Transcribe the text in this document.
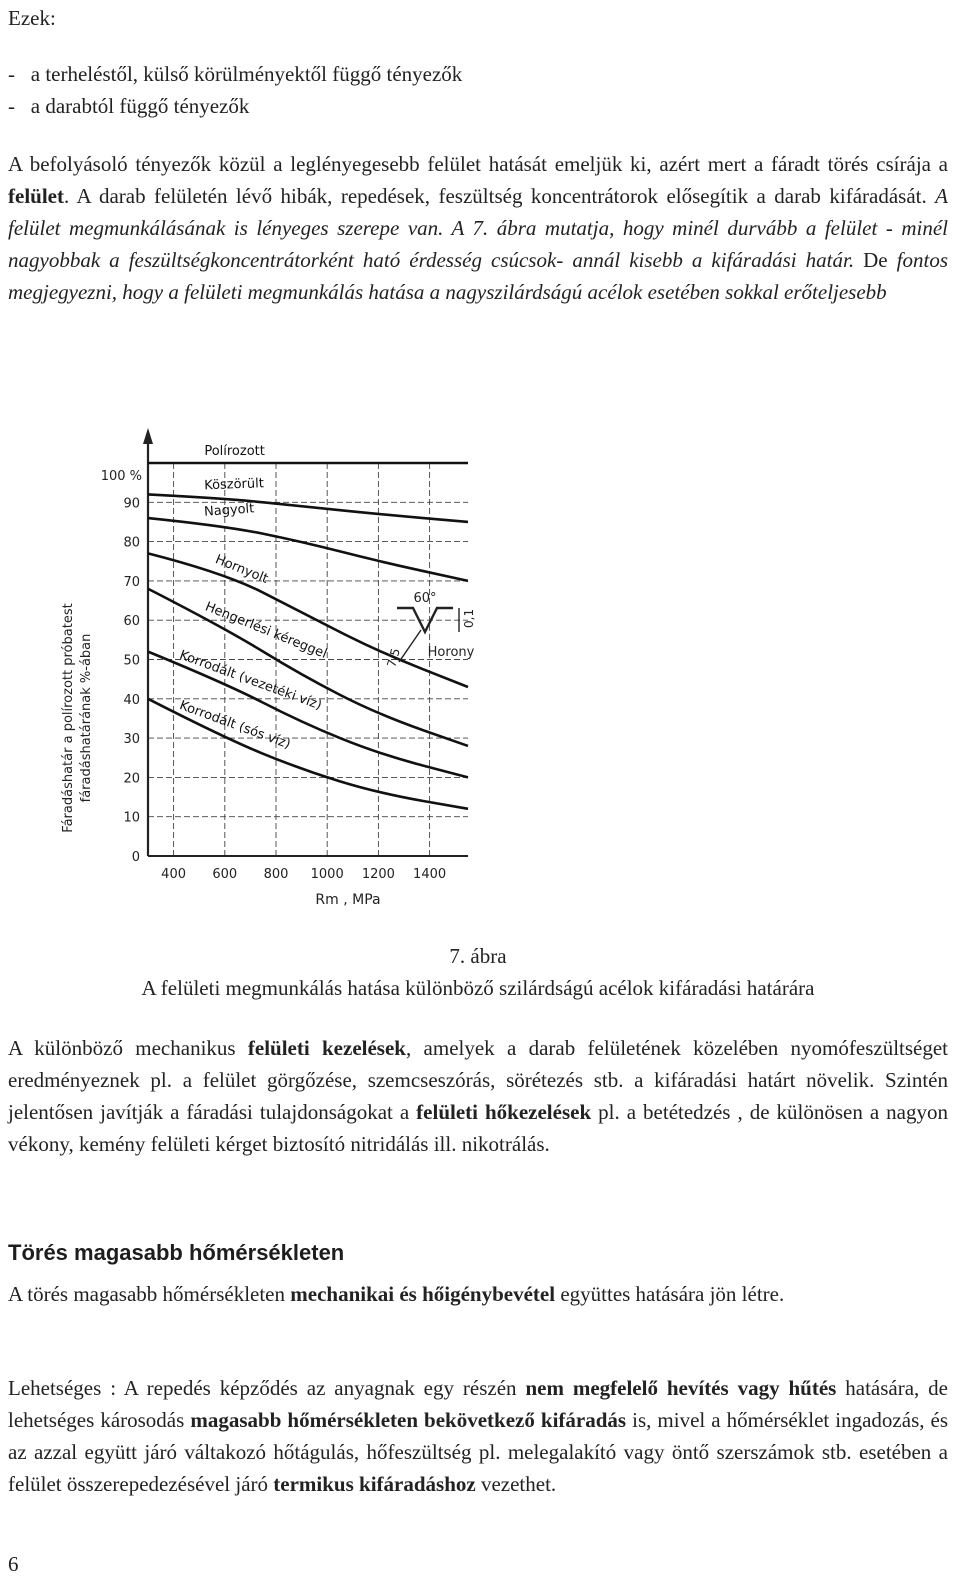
Ezek:

-   a terheléstől, külső körülményektől függő tényezők

-   a darabtól függő tényezők

A befolyásoló tényezők közül a leglényegesebb felület hatását emeljük ki, azért mert a fáradt törés csírája a felület. A darab felületén lévő hibák, repedések, feszültség koncentrátorok elősegítik a darab kifáradását. A felület megmunkálásának is lényeges szerepe van. A 7. ábra mutatja, hogy minél durvább a felület - minél nagyobbak a feszültségkoncentrátorként ható érdesség csúcsok- annál kisebb a kifáradási határ. De fontos megjegyezni, hogy a felületi megmunkálás hatása a nagyszilárdságú acélok esetében sokkal erőteljesebb

0
10
20
30
40
50
60
70
80
90
400 600 800 1000 1200 1400
Polírozott
Köszörült
Nagyolt
Hornyolt
Hengerlési kéreggel
Korrodált (vezetéki víz)
Korrodált (sós víz)
100 %
Rm , MPa
Fáradáshatár a polírozott próbatest fáradáshatárának %-ában
60°
0,1
7,5 Horony

7. ábra

A felületi megmunkálás hatása különböző szilárdságú acélok kifáradási határára

A különböző mechanikus felületi kezelések, amelyek a darab felületének közelében nyomófeszültséget eredményeznek pl. a felület görgőzése, szemcseszórás, sörétezés stb. a kifáradási határt növelik. Szintén jelentősen javítják a fáradási tulajdonságokat a felületi hőkezelések pl. a betétedzés , de különösen a nagyon vékony, kemény felületi kérget biztosító nitridálás ill. nikotrálás.

Törés magasabb hőmérsékleten

A törés magasabb hőmérsékleten mechanikai és hőigénybevétel együttes hatására jön létre.

Lehetséges : A repedés képződés az anyagnak egy részén nem megfelelő hevítés vagy hűtés hatására, de lehetséges károsodás magasabb hőmérsékleten bekövetkező kifáradás is, mivel a hőmérséklet ingadozás, és az azzal együtt járó váltakozó hőtágulás, hőfeszültség pl. melegalakító vagy öntő szerszámok stb. esetében a felület összerepedezésével járó termikus kifáradáshoz vezethet.

6
